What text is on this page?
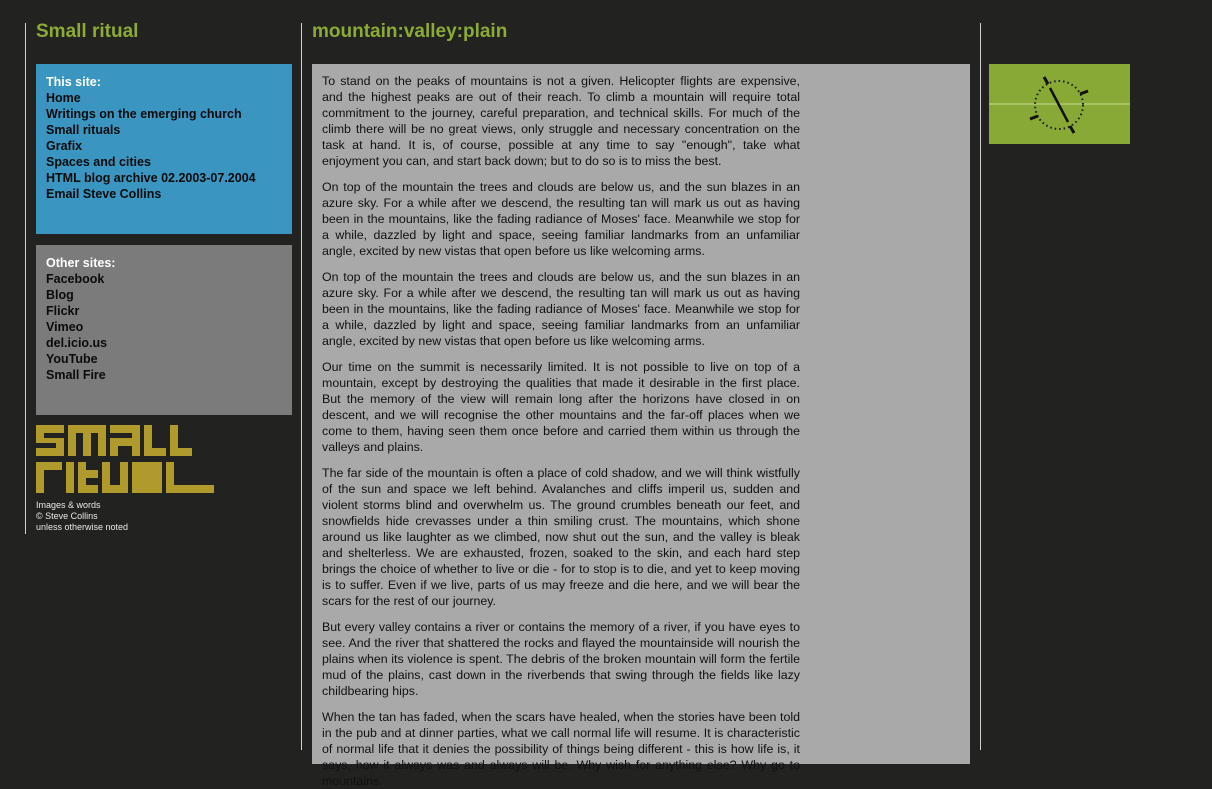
Small ritual
This site:
Home
Writings on the emerging church
Small rituals
Grafix
Spaces and cities
HTML blog archive 02.2003-07.2004
Email Steve Collins
Other sites:
Facebook
Blog
Flickr
Vimeo
del.icio.us
YouTube
Small Fire
Images & words
© Steve Collins
unless otherwise noted
mountain:valley:plain

To stand on the peaks of mountains is not a given. Helicopter flights are expensive, and the highest peaks are out of their reach. To climb a mountain will require total commitment to the journey, careful preparation, and technical skills. For much of the climb there will be no great views, only struggle and necessary concentration on the task at hand. It is, of course, possible at any time to say "enough", take what enjoyment you can, and start back down; but to do so is to miss the best.

On top of the mountain the trees and clouds are below us, and the sun blazes in an azure sky. For a while after we descend, the resulting tan will mark us out as having been in the mountains, like the fading radiance of Moses' face. Meanwhile we stop for a while, dazzled by light and space, seeing familiar landmarks from an unfamiliar angle, excited by new vistas that open before us like welcoming arms.

On top of the mountain the trees and clouds are below us, and the sun blazes in an azure sky. For a while after we descend, the resulting tan will mark us out as having been in the mountains, like the fading radiance of Moses' face. Meanwhile we stop for a while, dazzled by light and space, seeing familiar landmarks from an unfamiliar angle, excited by new vistas that open before us like welcoming arms.

Our time on the summit is necessarily limited. It is not possible to live on top of a mountain, except by destroying the qualities that made it desirable in the first place. But the memory of the view will remain long after the horizons have closed in on descent, and we will recognise the other mountains and the far-off places when we come to them, having seen them once before and carried them within us through the valleys and plains.

The far side of the mountain is often a place of cold shadow, and we will think wistfully of the sun and space we left behind. Avalanches and cliffs imperil us, sudden and violent storms blind and overwhelm us. The ground crumbles beneath our feet, and snowfields hide crevasses under a thin smiling crust. The mountains, which shone around us like laughter as we climbed, now shut out the sun, and the valley is bleak and shelterless. We are exhausted, frozen, soaked to the skin, and each hard step brings the choice of whether to live or die - for to stop is to die, and yet to keep moving is to suffer. Even if we live, parts of us may freeze and die here, and we will bear the scars for the rest of our journey.

But every valley contains a river or contains the memory of a river, if you have eyes to see. And the river that shattered the rocks and flayed the mountainside will nourish the plains when its violence is spent. The debris of the broken mountain will form the fertile mud of the plains, cast down in the riverbends that swing through the fields like lazy childbearing hips.

When the tan has faded, when the scars have healed, when the stories have been told in the pub and at dinner parties, what we call normal life will resume. It is characteristic of normal life that it denies the possibility of things being different - this is how life is, it says, how it always was and always will be. Why wish for anything else? Why go to mountains.
